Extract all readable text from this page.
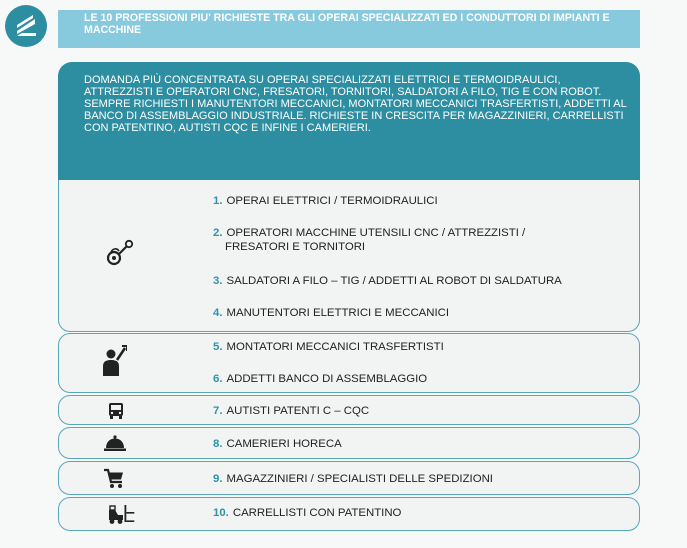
LE 10 PROFESSIONI PIU' RICHIESTE TRA GLI OPERAI SPECIALIZZATI ED I CONDUTTORI DI IMPIANTI E MACCHINE
DOMANDA PIÙ CONCENTRATA SU OPERAI SPECIALIZZATI ELETTRICI E TERMOIDRAULICI, ATTREZZISTI E OPERATORI CNC, FRESATORI, TORNITORI, SALDATORI A FILO, TIG E CON ROBOT. SEMPRE RICHIESTI I MANUTENTORI MECCANICI, MONTATORI MECCANICI TRASFERTISTI, ADDETTI AL BANCO DI ASSEMBLAGGIO INDUSTRIALE. RICHIESTE IN CRESCITA PER MAGAZZINIERI, CARRELLISTI CON PATENTINO, AUTISTI CQC E INFINE I CAMERIERI.
1. OPERAI ELETTRICI / TERMOIDRAULICI
2. OPERATORI MACCHINE UTENSILI CNC / ATTREZZISTI /
FRESATORI E TORNITORI
3. SALDATORI A FILO – TIG / ADDETTI AL ROBOT DI SALDATURA
4. MANUTENTORI ELETTRICI E MECCANICI
5. MONTATORI MECCANICI TRASFERTISTI
6. ADDETTI BANCO DI ASSEMBLAGGIO
7. AUTISTI PATENTI C – CQC
8. CAMERIERI HORECA
9. MAGAZZINIERI / SPECIALISTI DELLE SPEDIZIONI
10. CARRELLISTI CON PATENTINO
